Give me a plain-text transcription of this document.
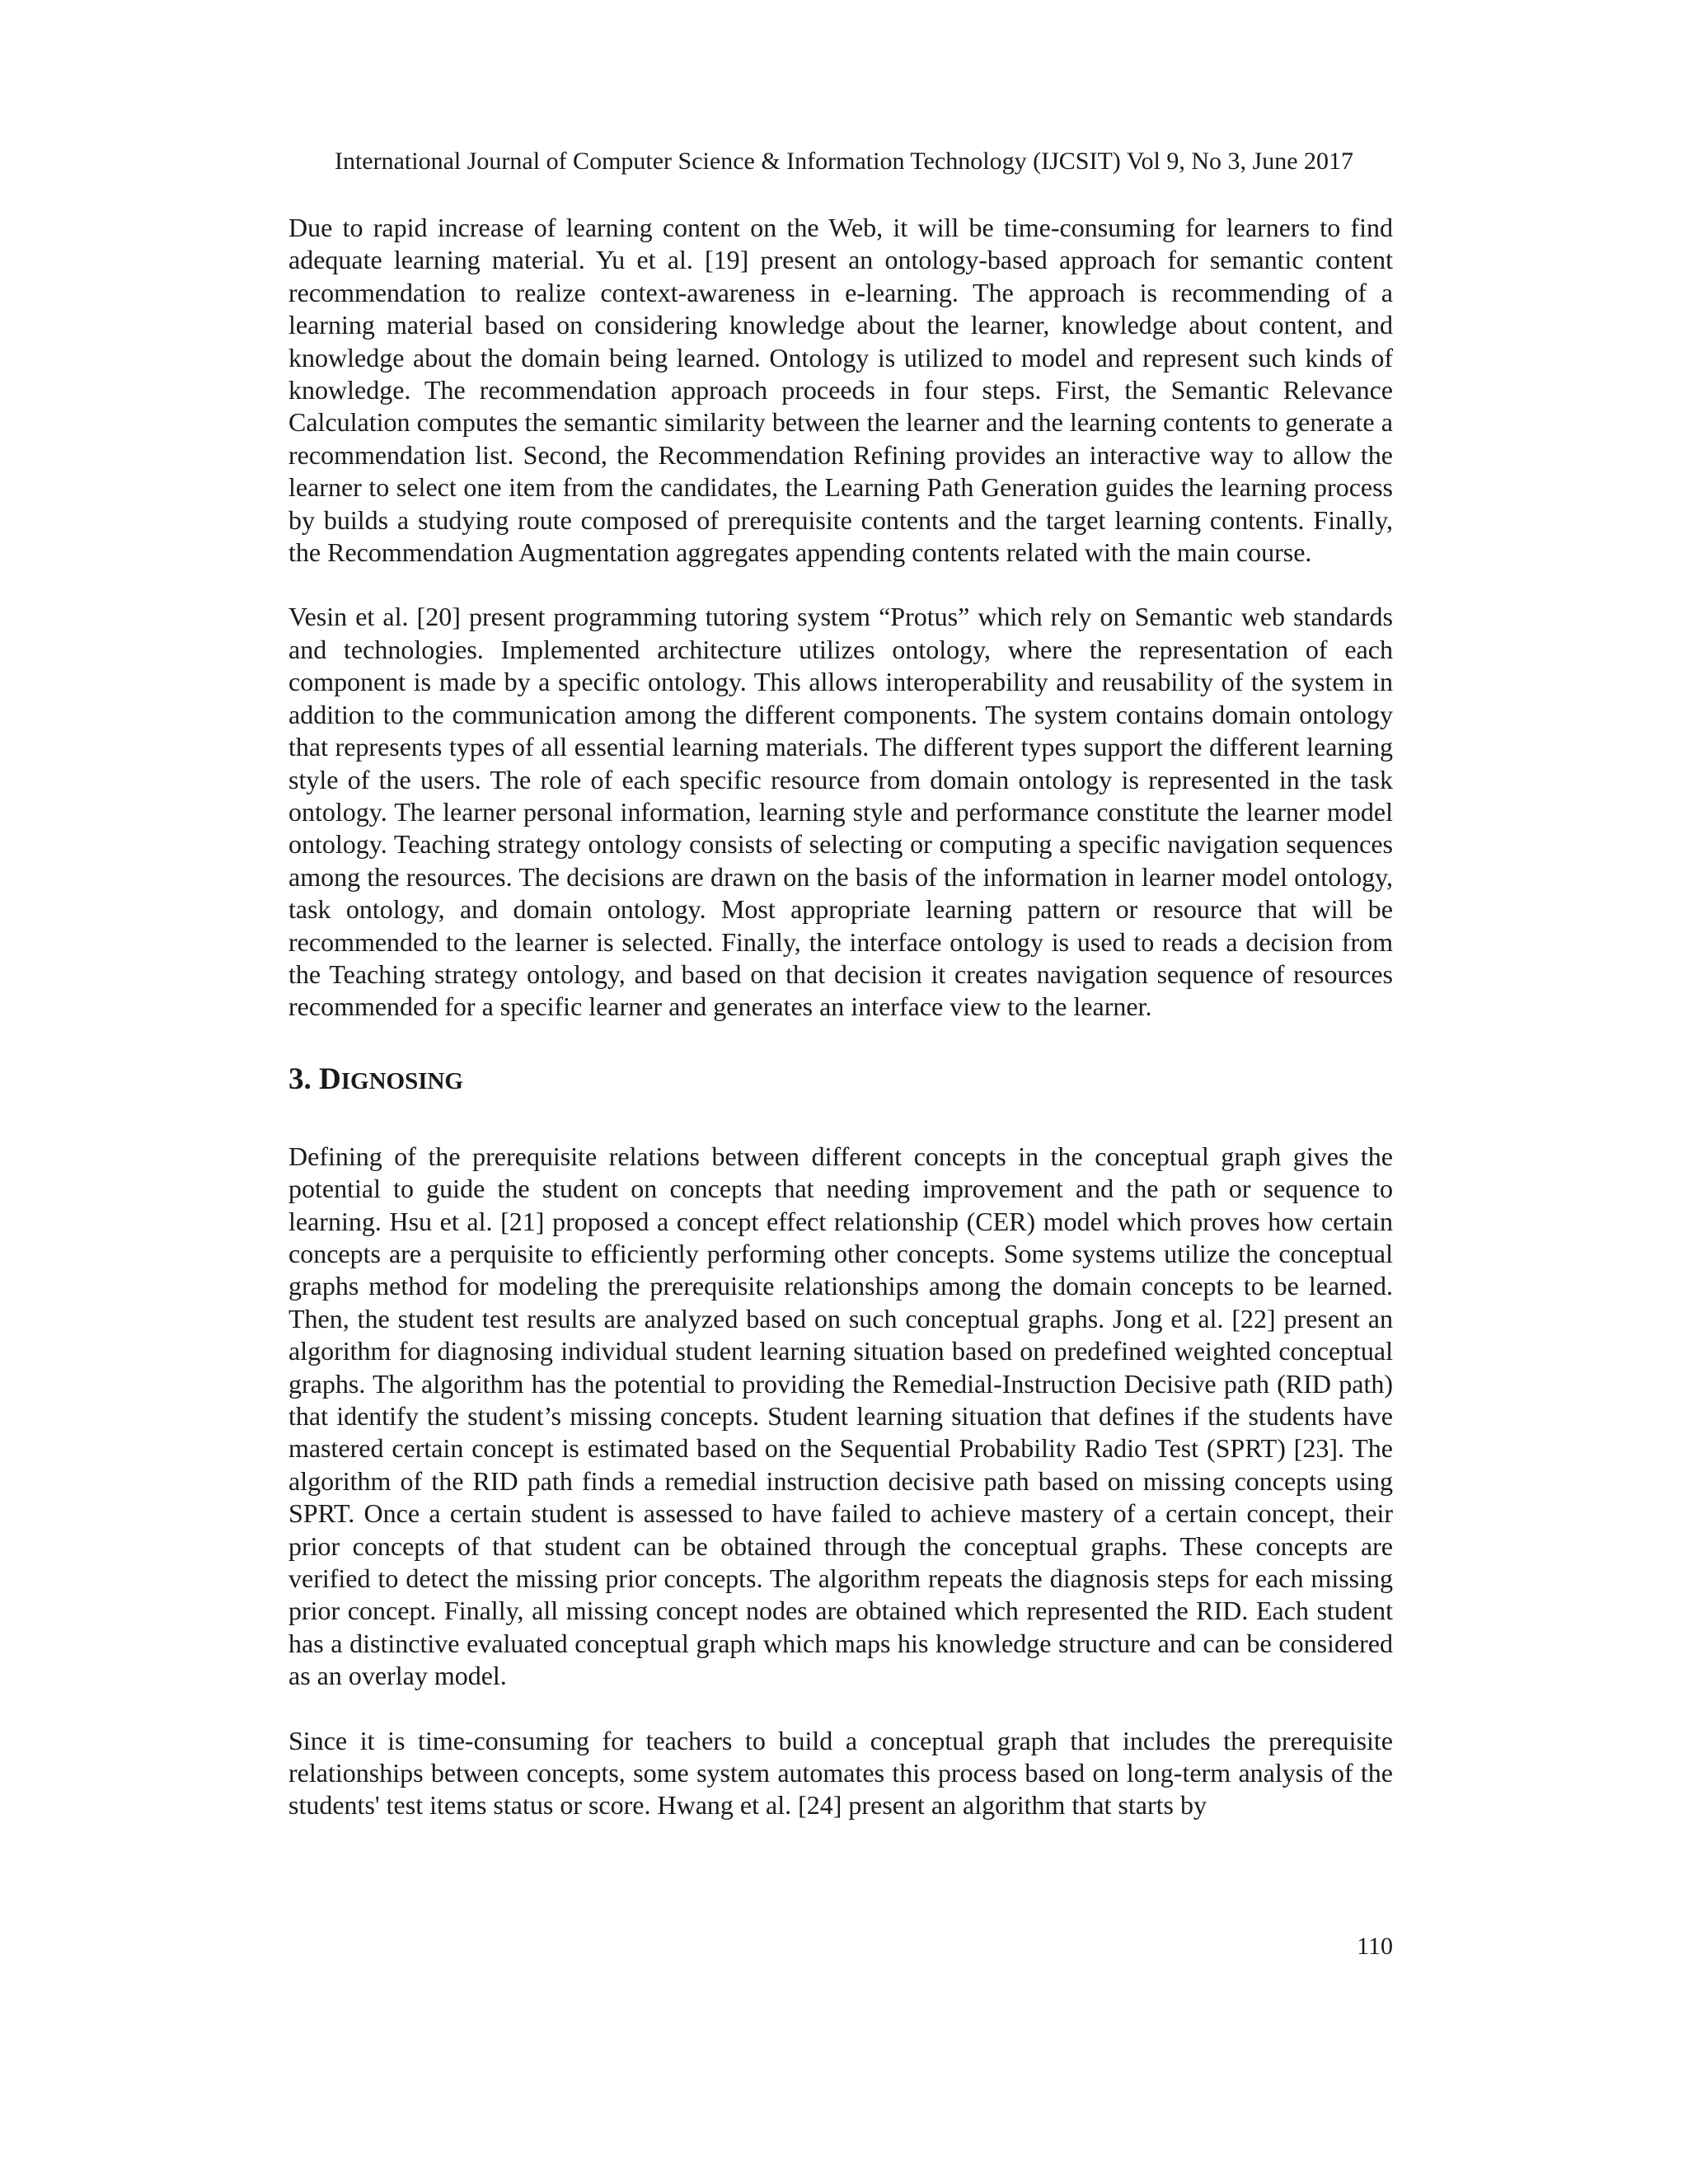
International Journal of Computer Science & Information Technology (IJCSIT) Vol 9, No 3, June 2017

Due to rapid increase of learning content on the Web, it will be time-consuming for learners to find adequate learning material. Yu et al. [19] present an ontology-based approach for semantic content recommendation to realize context-awareness in e-learning. The approach is recommending of a learning material based on considering knowledge about the learner, knowledge about content, and knowledge about the domain being learned. Ontology is utilized to model and represent such kinds of knowledge. The recommendation approach proceeds in four steps. First, the Semantic Relevance Calculation computes the semantic similarity between the learner and the learning contents to generate a recommendation list. Second, the Recommendation Refining provides an interactive way to allow the learner to select one item from the candidates, the Learning Path Generation guides the learning process by builds a studying route composed of prerequisite contents and the target learning contents. Finally, the Recommendation Augmentation aggregates appending contents related with the main course.

Vesin et al. [20] present programming tutoring system “Protus” which rely on Semantic web standards and technologies. Implemented architecture utilizes ontology, where the representation of each component is made by a specific ontology. This allows interoperability and reusability of the system in addition to the communication among the different components. The system contains domain ontology that represents types of all essential learning materials. The different types support the different learning style of the users. The role of each specific resource from domain ontology is represented in the task ontology. The learner personal information, learning style and performance constitute the learner model ontology. Teaching strategy ontology consists of selecting or computing a specific navigation sequences among the resources. The decisions are drawn on the basis of the information in learner model ontology, task ontology, and domain ontology. Most appropriate learning pattern or resource that will be recommended to the learner is selected. Finally, the interface ontology is used to reads a decision from the Teaching strategy ontology, and based on that decision it creates navigation sequence of resources recommended for a specific learner and generates an interface view to the learner.

3. DIGNOSING

Defining of the prerequisite relations between different concepts in the conceptual graph gives the potential to guide the student on concepts that needing improvement and the path or sequence to learning. Hsu et al. [21] proposed a concept effect relationship (CER) model which proves how certain concepts are a perquisite to efficiently performing other concepts. Some systems utilize the conceptual graphs method for modeling the prerequisite relationships among the domain concepts to be learned. Then, the student test results are analyzed based on such conceptual graphs. Jong et al. [22] present an algorithm for diagnosing individual student learning situation based on predefined weighted conceptual graphs. The algorithm has the potential to providing the Remedial-Instruction Decisive path (RID path) that identify the student’s missing concepts. Student learning situation that defines if the students have mastered certain concept is estimated based on the Sequential Probability Radio Test (SPRT) [23]. The algorithm of the RID path finds a remedial instruction decisive path based on missing concepts using SPRT. Once a certain student is assessed to have failed to achieve mastery of a certain concept, their prior concepts of that student can be obtained through the conceptual graphs. These concepts are verified to detect the missing prior concepts. The algorithm repeats the diagnosis steps for each missing prior concept. Finally, all missing concept nodes are obtained which represented the RID. Each student has a distinctive evaluated conceptual graph which maps his knowledge structure and can be considered as an overlay model.

Since it is time-consuming for teachers to build a conceptual graph that includes the prerequisite relationships between concepts, some system automates this process based on long-term analysis of the students' test items status or score. Hwang et al. [24] present an algorithm that starts by

110
